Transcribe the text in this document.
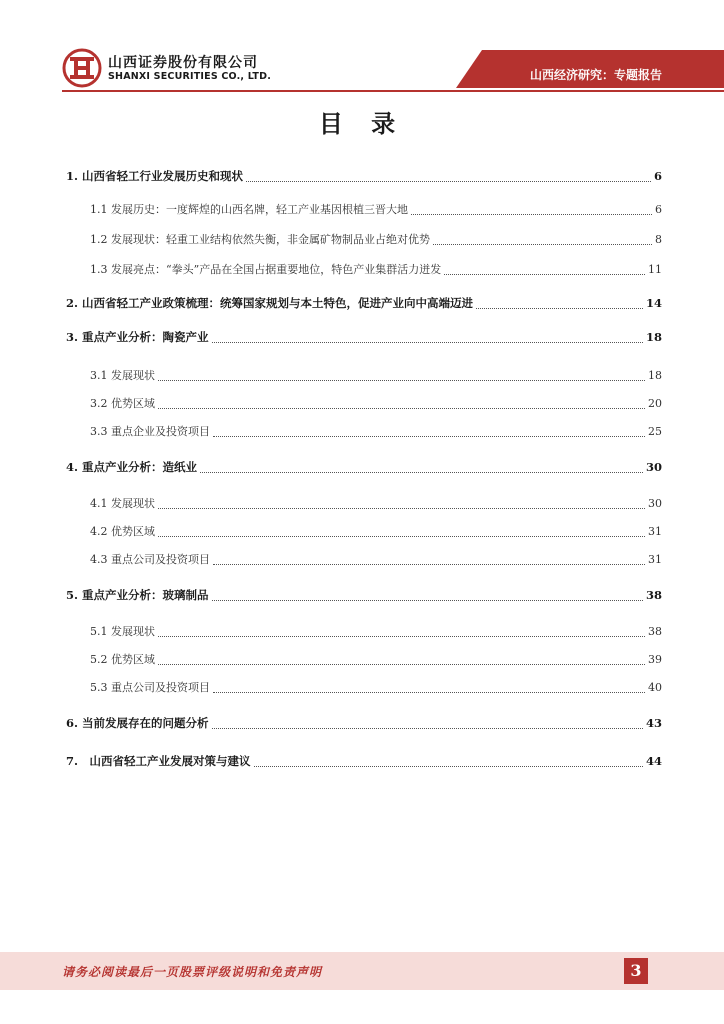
山西证券股份有限公司
SHANXI SECURITIES CO., LTD.	山西经济研究：专题报告
目 录
1. 山西省轻工行业发展历史和现状	6
1.1 发展历史：一度辉煌的山西名牌，轻工产业基因根植三晋大地	6
1.2 发展现状：轻重工业结构依然失衡，非金属矿物制品业占绝对优势	8
1.3 发展亮点：“拳头”产品在全国占据重要地位，特色产业集群活力迸发	11
2. 山西省轻工产业政策梳理：统筹国家规划与本土特色，促进产业向中高端迈进	14
3. 重点产业分析：陶瓷产业	18
3.1 发展现状	18
3.2 优势区域	20
3.3 重点企业及投资项目	25
4. 重点产业分析：造纸业	30
4.1 发展现状	30
4.2 优势区域	31
4.3 重点公司及投资项目	31
5. 重点产业分析：玻璃制品	38
5.1 发展现状	38
5.2 优势区域	39
5.3 重点公司及投资项目	40
6. 当前发展存在的问题分析	43
7.　山西省轻工产业发展对策与建议	44
请务必阅读最后一页股票评级说明和免责声明	3
